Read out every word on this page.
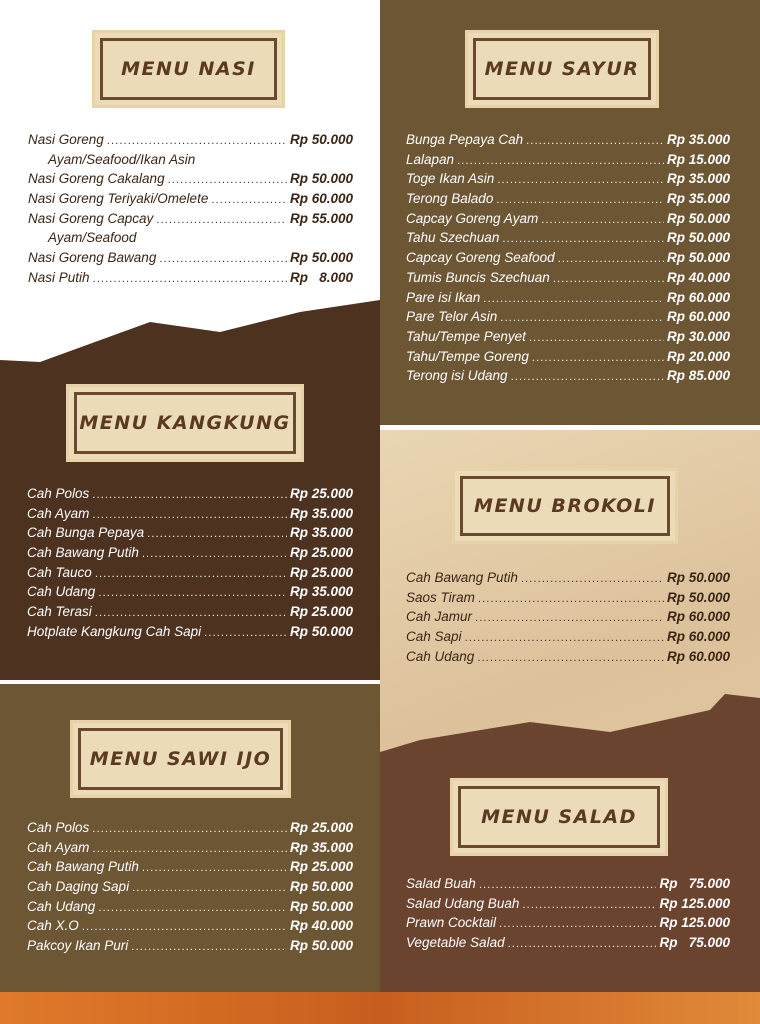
MENU NASI	MENU SAYUR
MENU KANGKUNG
MENU BROKOLI
MENU SAWI IJO
MENU SALAD
Nasi Goreng .....	Rp 50.000
Ayam/Seafood/Ikan Asin
Nasi Goreng Cakalang .....	Rp 50.000
Nasi Goreng Teriyaki/Omelete .....	Rp 60.000
Nasi Goreng Capcay .....	Rp 55.000
Ayam/Seafood
Nasi Goreng Bawang .....	Rp 50.000
Nasi Putih .....	Rp   8.000
Bunga Pepaya Cah .....	Rp 35.000
Lalapan .....	Rp 15.000
Toge Ikan Asin .....	Rp 35.000
Terong Balado .....	Rp 35.000
Capcay Goreng Ayam .....	Rp 50.000
Tahu Szechuan .....	Rp 50.000
Capcay Goreng Seafood .....	Rp 50.000
Tumis Buncis Szechuan .....	Rp 40.000
Pare isi Ikan .....	Rp 60.000
Pare Telor Asin .....	Rp 60.000
Tahu/Tempe Penyet .....	Rp 30.000
Tahu/Tempe Goreng .....	Rp 20.000
Terong isi Udang .....	Rp 85.000
Cah Polos .....	Rp 25.000
Cah Ayam .....	Rp 35.000
Cah Bunga Pepaya .....	Rp 35.000
Cah Bawang Putih .....	Rp 25.000
Cah Tauco .....	Rp 25.000
Cah Udang .....	Rp 35.000
Cah Terasi .....	Rp 25.000
Hotplate Kangkung Cah Sapi .....	Rp 50.000
Cah Bawang Putih .....	Rp 50.000
Saos Tiram .....	Rp 50.000
Cah Jamur .....	Rp 60.000
Cah Sapi .....	Rp 60.000
Cah Udang .....	Rp 60.000
Cah Polos .....	Rp 25.000
Cah Ayam .....	Rp 35.000
Cah Bawang Putih .....	Rp 25.000
Cah Daging Sapi .....	Rp 50.000
Cah Udang .....	Rp 50.000
Cah X.O .....	Rp 40.000
Pakcoy Ikan Puri .....	Rp 50.000
Salad Buah .....	Rp   75.000
Salad Udang Buah .....	Rp 125.000
Prawn Cocktail .....	Rp 125.000
Vegetable Salad .....	Rp   75.000
